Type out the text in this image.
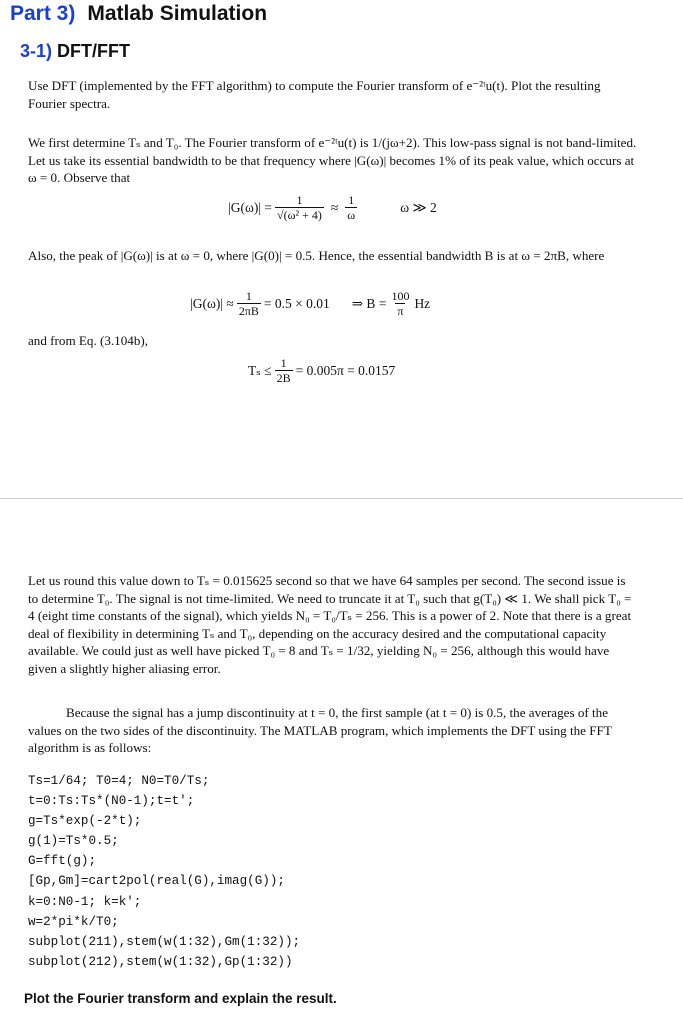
Part 3) Matlab Simulation
3-1) DFT/FFT

Use DFT (implemented by the FFT algorithm) to compute the Fourier transform of e⁻²ᵗu(t). Plot the resulting Fourier spectra.

We first determine Tₛ and T₀. The Fourier transform of e⁻²ᵗu(t) is 1/(jω+2). This low-pass signal is not band-limited. Let us take its essential bandwidth to be that frequency where |G(ω)| becomes 1% of its peak value, which occurs at ω = 0. Observe that

$|G(\omega)| = \frac{1}{\text{√(ω² + 4)}} \approx \frac{1}{\omega}$	ω ≫ 2

Also, the peak of |G(ω)| is at ω = 0, where |G(0)| = 0.5. Hence, the essential bandwidth B is at ω = 2πB, where

$|G(\omega)| \approx \frac{1}{2\pi B} = 0.5 \times 0.01$ ⇒ $B = \frac{100}{\pi}$ Hz

and from Eq. (3.104b),

$T_s \le \frac{1}{2B} = 0.005\pi = 0.0157$

Let us round this value down to Tₛ = 0.015625 second so that we have 64 samples per second. The second issue is to determine T₀. The signal is not time-limited. We need to truncate it at T₀ such that g(T₀) ≪ 1. We shall pick T₀ = 4 (eight time constants of the signal), which yields N₀ = T₀/Tₛ = 256. This is a power of 2. Note that there is a great deal of flexibility in determining Tₛ and T₀, depending on the accuracy desired and the computational capacity available. We could just as well have picked T₀ = 8 and Tₛ = 1/32, yielding N₀ = 256, although this would have given a slightly higher aliasing error.

Because the signal has a jump discontinuity at t = 0, the first sample (at t = 0) is 0.5, the averages of the values on the two sides of the discontinuity. The MATLAB program, which implements the DFT using the FFT algorithm is as follows:

Ts=1/64; T0=4; N0=T0/Ts;
t=0:Ts:Ts*(N0-1);t=t';
g=Ts*exp(-2*t);
g(1)=Ts*0.5;
G=fft(g);
[Gp,Gm]=cart2pol(real(G),imag(G));
k=0:N0-1; k=k';
w=2*pi*k/T0;
subplot(211),stem(w(1:32),Gm(1:32));
subplot(212),stem(w(1:32),Gp(1:32))
Plot the Fourier transform and explain the result.
